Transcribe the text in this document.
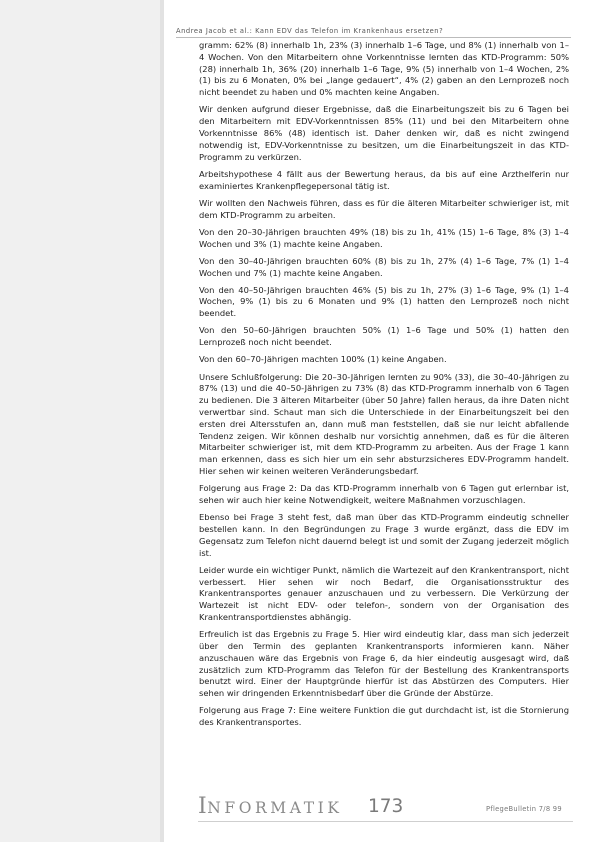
Andrea Jacob et al.: Kann EDV das Telefon im Krankenhaus ersetzen?

gramm: 62% (8) innerhalb 1h, 23% (3) innerhalb 1–6 Tage, und 8% (1) innerhalb von 1–4 Wochen. Von den Mitarbeitern ohne Vorkenntnisse lernten das KTD-Programm: 50% (28) innerhalb 1h, 36% (20) innerhalb 1–6 Tage, 9% (5) innerhalb von 1–4 Wochen, 2% (1) bis zu 6 Monaten, 0% bei „lange gedauert“, 4% (2) gaben an den Lernprozeß noch nicht beendet zu haben und 0% machten keine Angaben.

Wir denken aufgrund dieser Ergebnisse, daß die Einarbeitungszeit bis zu 6 Tagen bei den Mitarbeitern mit EDV-Vorkenntnissen 85% (11) und bei den Mitarbeitern ohne Vorkenntnisse 86% (48) identisch ist. Daher denken wir, daß es nicht zwingend notwendig ist, EDV-Vorkenntnisse zu besitzen, um die Einarbeitungszeit in das KTD-Programm zu verkürzen.

Arbeitshypothese 4 fällt aus der Bewertung heraus, da bis auf eine Arzthelferin nur examiniertes Krankenpflegepersonal tätig ist.

Wir wollten den Nachweis führen, dass es für die älteren Mitarbeiter schwieriger ist, mit dem KTD-Programm zu arbeiten.

Von den 20–30-Jährigen brauchten 49% (18) bis zu 1h, 41% (15) 1–6 Tage, 8% (3) 1–4 Wochen und 3% (1) machte keine Angaben.

Von den 30–40-Jährigen brauchten 60% (8) bis zu 1h, 27% (4) 1–6 Tage, 7% (1) 1–4 Wochen und 7% (1) machte keine Angaben.

Von den 40–50-Jährigen brauchten 46% (5) bis zu 1h, 27% (3) 1–6 Tage, 9% (1) 1–4 Wochen, 9% (1) bis zu 6 Monaten und 9% (1) hatten den Lernprozeß noch nicht beendet.

Von den 50–60-Jährigen brauchten 50% (1) 1–6 Tage und 50% (1) hatten den Lernprozeß noch nicht beendet.

Von den 60–70-Jährigen machten 100% (1) keine Angaben.

Unsere Schlußfolgerung: Die 20–30-Jährigen lernten zu 90% (33), die 30–40-Jährigen zu 87% (13) und die 40–50-Jährigen zu 73% (8) das KTD-Programm innerhalb von 6 Tagen zu bedienen. Die 3 älteren Mitarbeiter (über 50 Jahre) fallen heraus, da ihre Daten nicht verwertbar sind. Schaut man sich die Unterschiede in der Einarbeitungszeit bei den ersten drei Altersstufen an, dann muß man feststellen, daß sie nur leicht abfallende Tendenz zeigen. Wir können deshalb nur vorsichtig annehmen, daß es für die älteren Mitarbeiter schwieriger ist, mit dem KTD-Programm zu arbeiten. Aus der Frage 1 kann man erkennen, dass es sich hier um ein sehr absturzsicheres EDV-Programm handelt. Hier sehen wir keinen weiteren Veränderungsbedarf.

Folgerung aus Frage 2: Da das KTD-Programm innerhalb von 6 Tagen gut erlernbar ist, sehen wir auch hier keine Notwendigkeit, weitere Maßnahmen vorzuschlagen.

Ebenso bei Frage 3 steht fest, daß man über das KTD-Programm eindeutig schneller bestellen kann. In den Begründungen zu Frage 3 wurde ergänzt, dass die EDV im Gegensatz zum Telefon nicht dauernd belegt ist und somit der Zugang jederzeit möglich ist.

Leider wurde ein wichtiger Punkt, nämlich die Wartezeit auf den Krankentransport, nicht verbessert. Hier sehen wir noch Bedarf, die Organisationsstruktur des Krankentransportes genauer anzuschauen und zu verbessern. Die Verkürzung der Wartezeit ist nicht EDV- oder telefon-, sondern von der Organisation des Krankentransportdienstes abhängig.

Erfreulich ist das Ergebnis zu Frage 5. Hier wird eindeutig klar, dass man sich jederzeit über den Termin des geplanten Krankentransports informieren kann. Näher anzuschauen wäre das Ergebnis von Frage 6, da hier eindeutig ausgesagt wird, daß zusätzlich zum KTD-Programm das Telefon für der Bestellung des Krankentransports benutzt wird. Einer der Hauptgründe hierfür ist das Abstürzen des Computers. Hier sehen wir dringenden Erkenntnisbedarf über die Gründe der Abstürze.

Folgerung aus Frage 7: Eine weitere Funktion die gut durchdacht ist, ist die Stornierung des Krankentransportes.

INFORMATIK 173	PflegeBulletin 7/8 99
